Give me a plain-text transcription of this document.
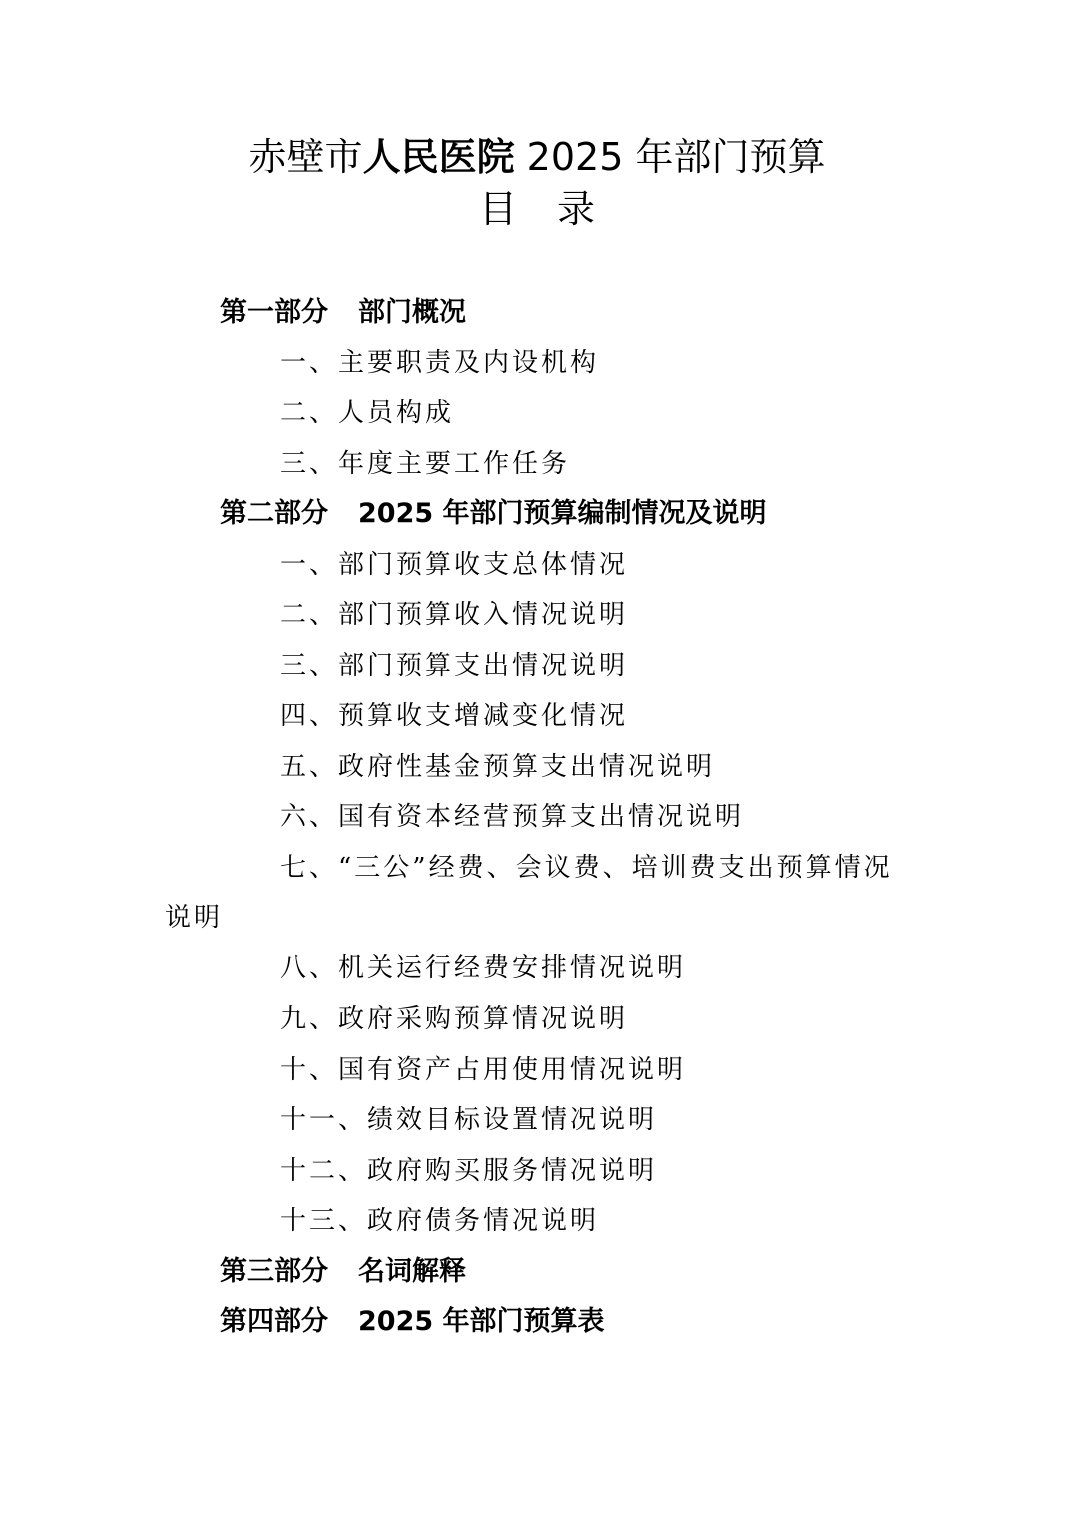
赤壁市人民医院 2025 年部门预算
目录
第一部分 部门概况
一、主要职责及内设机构
二、人员构成
三、年度主要工作任务
第二部分 2025 年部门预算编制情况及说明
一、部门预算收支总体情况
二、部门预算收入情况说明
三、部门预算支出情况说明
四、预算收支增减变化情况
五、政府性基金预算支出情况说明
六、国有资本经营预算支出情况说明
七、“三公”经费、会议费、培训费支出预算情况
说明
八、机关运行经费安排情况说明
九、政府采购预算情况说明
十、国有资产占用使用情况说明
十一、绩效目标设置情况说明
十二、政府购买服务情况说明
十三、政府债务情况说明
第三部分 名词解释
第四部分 2025 年部门预算表
